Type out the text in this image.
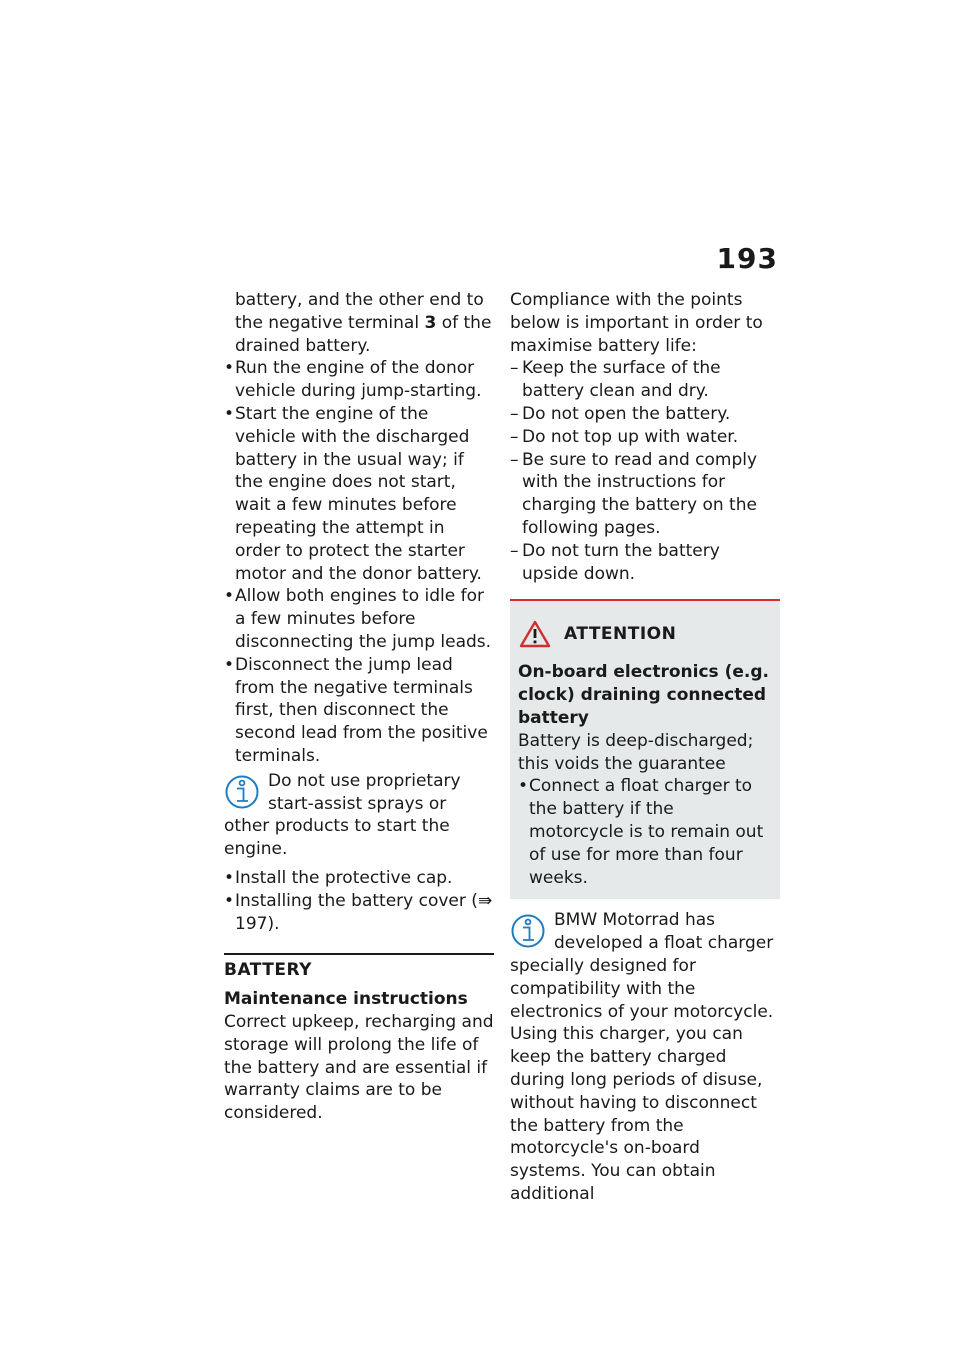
193

battery, and the other end to the negative terminal 3 of the drained battery.

• Run the engine of the donor vehicle during jump-starting.
• Start the engine of the vehicle with the discharged battery in the usual way; if the engine does not start, wait a few minutes before repeating the attempt in order to protect the starter motor and the donor battery.
• Allow both engines to idle for a few minutes before disconnecting the jump leads.
• Disconnect the jump lead from the negative terminals first, then disconnect the second lead from the positive terminals.
Do not use proprietary start-assist sprays or other products to start the engine.
• Install the protective cap.
• Installing the battery cover (⇛ 197).
BATTERY
Maintenance instructions

Correct upkeep, recharging and storage will prolong the life of the battery and are essential if warranty claims are to be considered.

Compliance with the points below is important in order to maximise battery life:

– Keep the surface of the battery clean and dry.
– Do not open the battery.
– Do not top up with water.
– Be sure to read and comply with the instructions for charging the battery on the following pages.
– Do not turn the battery upside down.
ATTENTION
On-board electronics (e.g. clock) draining connected battery

Battery is deep-discharged; this voids the guarantee

• Connect a float charger to the battery if the motorcycle is to remain out of use for more than four weeks.
BMW Motorrad has developed a float charger specially designed for compatibility with the electronics of your motorcycle. Using this charger, you can keep the battery charged during long periods of disuse, without having to disconnect the battery from the motorcycle's on-board systems. You can obtain additional
